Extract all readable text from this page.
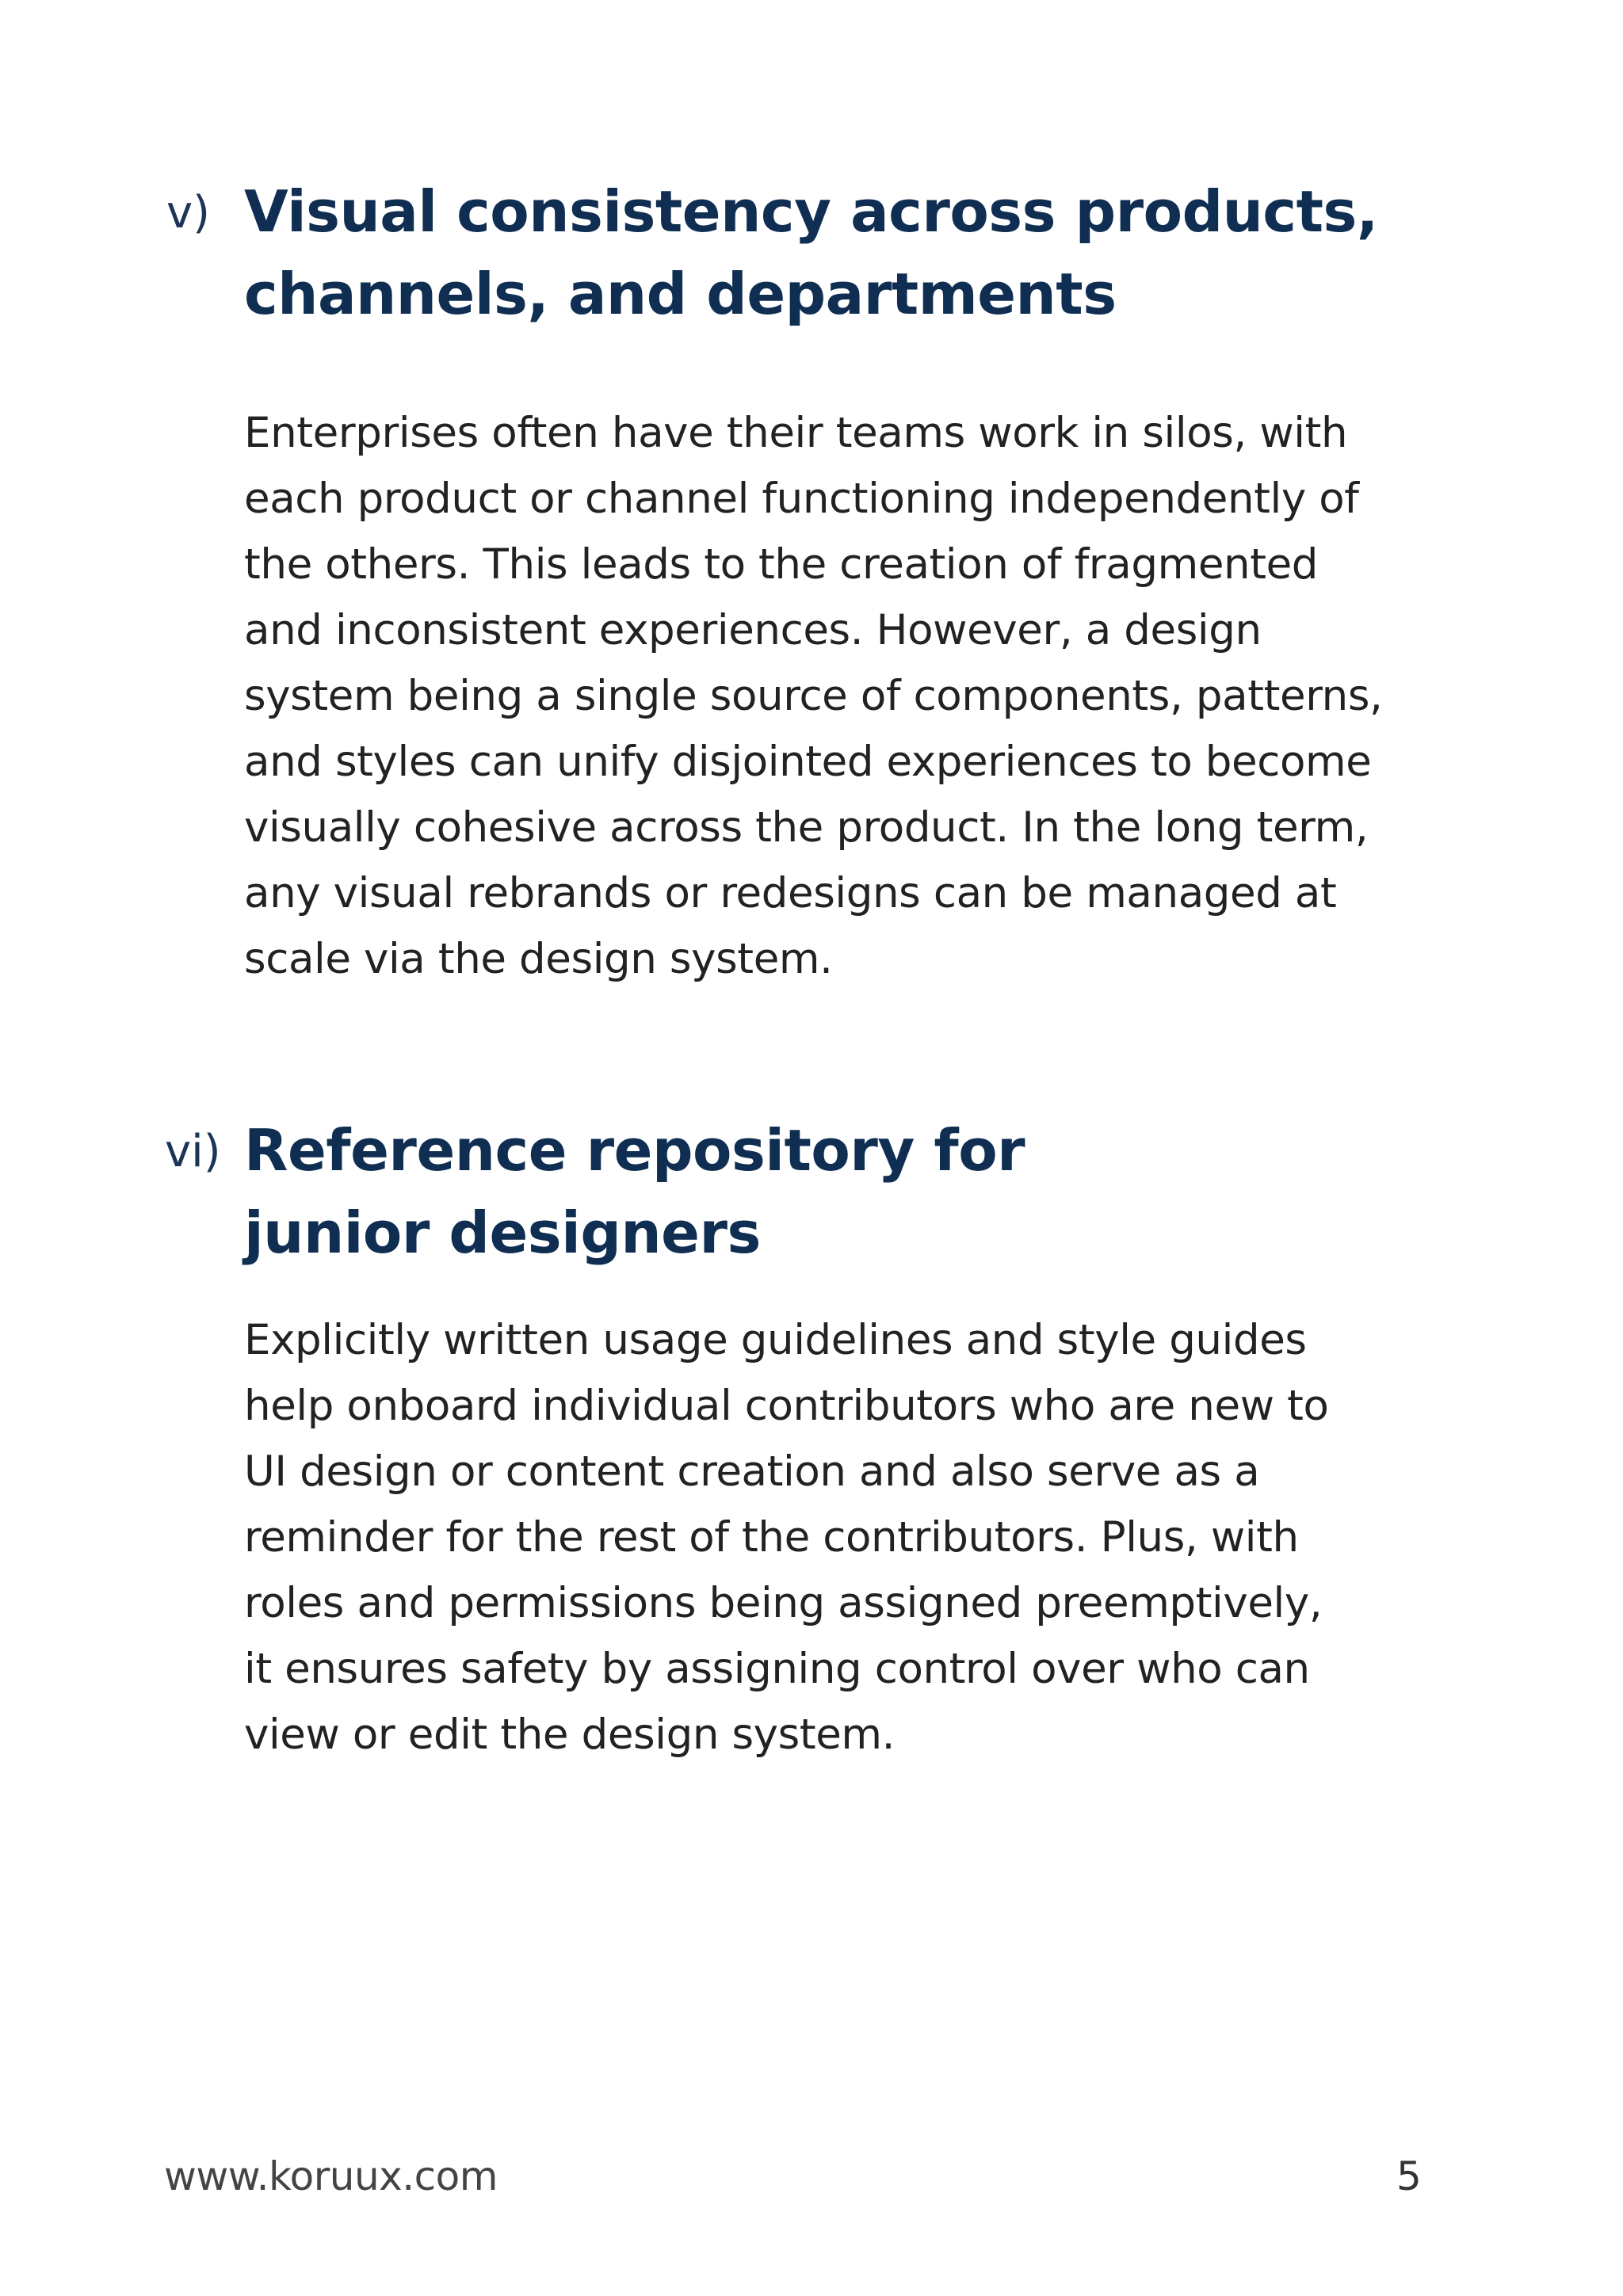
v) Visual consistency across products,
channels, and departments

Enterprises often have their teams work in silos, with
each product or channel functioning independently of
the others. This leads to the creation of fragmented
and inconsistent experiences. However, a design
system being a single source of components, patterns,
and styles can unify disjointed experiences to become
visually cohesive across the product. In the long term,
any visual rebrands or redesigns can be managed at
scale via the design system.

vi) Reference repository for
junior designers

Explicitly written usage guidelines and style guides
help onboard individual contributors who are new to
UI design or content creation and also serve as a
reminder for the rest of the contributors. Plus, with
roles and permissions being assigned preemptively,
it ensures safety by assigning control over who can
view or edit the design system.

www.koruux.com	5
